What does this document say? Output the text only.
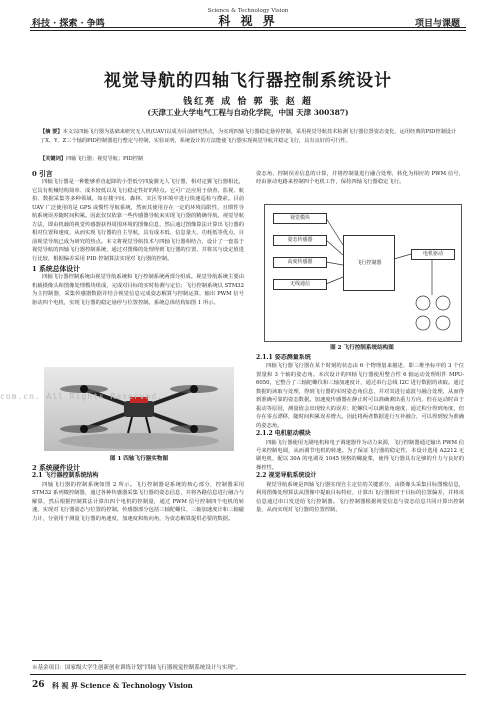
Science & Technology Vision
科技 · 探索 · 争鸣	科 视 界	项目与课题
视觉导航的四轴飞行器控制系统设计
钱红亮 成 恰 郭 张 赵 超
(天津工业大学电气工程与自动化学院，中国 天津 300387)
【摘 要】本文以四轴飞行器为基础来研究无人机(UAV)以成为目前研究热点，为实现四轴飞行器稳定悬停控制，采用视觉导航技术检测飞行器位置姿态变化，运用经典的PID控制设计了X、Y、Z三个轴的PID控制器进行整定与控制，实验证明，系统设计的方法能使飞行器实现视觉导航并稳定飞行，具有良好的可行性。
【关键词】四轴飞行器；视觉导航；PID控制
0 引言
四轴飞行器是一种能够垂直起降的小型低空四旋翼无人飞行器，相对定翼飞行器相比，它具有机械结构简单、成本较低以及飞行稳定性好的特点。它可广泛应用于侦查、监视、航拍、数据采集等多种领域，如在楼宇间、森林、灾区等环境中进行快速巡检与搜索。目前 UAV 广泛使用的是 GPS 或惯性导航系统，然而其使用存在一定的环境局限性，且惯性导航系统误差随时间积累。因此仅仅依靠一些传感器导航来实现飞行器的精确导航，视觉导航方法，即由机载的视觉传感器获得周围环境的图像信息，然后通过图像算法计算出飞行器的相对位置和速度，从而实现飞行器的自主导航，具有成本低、信息量大、功耗低等优点，目前视觉导航已成为研究的热点。本文将视觉导航技术与四轴飞行器相结合，设计了一套基于视觉导航的四轴飞行器控制系统，通过对图像的处理得到飞行器的位置，并将其与设定值进行比较，根据偏差采用 PID 控制算法实现对飞行器的控制。
1 系统总体设计
四轴飞行器控制系统由视觉导航系统和飞行控制系统两部分组成。视觉导航系统主要由机载摄像头和图像处理模块组成，完成对目标的实时检测与定位；飞行控制系统以 STM32 为主控制器，采集传感器数据并结合视觉信息完成姿态解算与控制运算，输出 PWM 信号驱动四个电机，实现飞行器的稳定悬停与位置控制。系统总体结构如图 1 所示。
图 1 四轴飞行器实物图
2 系统硬件设计
2.1 飞行器控制系统结构
四轴飞行器的控制系统如图 2 所示。飞行控制器是系统的核心部分，控制器采用 STM32 系列微控制器，通过各种传感器采集飞行器的姿态信息，并将各路信息进行融合与解算，然后根据控制算法计算出四个电机的控制量，通过 PWM 信号控制四个电机的转速，实现对飞行器姿态与位置的控制。传感器部分包括三轴陀螺仪、三轴加速度计和三轴磁力计，分别用于测量飞行器的角速度、加速度和航向角，为姿态解算提供必要的数据。
姿态角、控制误差信息的计算，并将控制量进行融合处理，转化为相应的 PWM 信号，经由驱动电路来控制四个电机工作，保持四轴飞行器稳定飞行。
视觉模块
姿态传感器
高度传感器
无线通信
飞行控制器
电机驱动
图 2 飞行控制系统结构图
2.1.1 姿态测量系统
四轴飞行器飞行器在某个时刻的状态由 6 个物理量来描述，即三维坐标中的 3 个位置量和 3 个轴的姿态角。本次设计的四轴飞行器使用整合性 6 轴运动处理组件 MPU-6050，它整合了三轴陀螺仪和三轴加速度计，通过串行总线 I2C 进行数据的读取。通过数据的读取与处理，得到飞行器的实时姿态角信息，并对其进行滤波与融合处理，从而得到准确可靠的姿态数据。加速度传感器在静止时可以准确测出重力方向，但在运动时由于振动等原因，测量值会出现较大的误差；陀螺仪可以测量角速度，通过积分得到角度，但存在零点漂移，随时间积累误差增大。因此将两者数据进行互补融合，可以得到较为准确的姿态角。
2.1.2 电机驱动模块
四轴飞行器使用无刷电机和电子调速器作为动力来源，飞行控制器通过输出 PWM 信号来控制电调，从而调节电机的转速。为了保证飞行器的稳定性，本设计选用 A2212 无刷电机，配以 30A 的电调及 1045 规格的螺旋桨，使得飞行器具有足够的升力与良好的操控性。
2.2 视觉导航系统设计
视觉导航系统是四轴飞行器实现自主定位的关键部分，由摄像头采集目标图像信息，利用图像处理算法从图像中提取目标特征，计算出飞行器相对于目标的位置偏差，并将该信息通过串口发送给飞行控制器。飞行控制器根据视觉信息与姿态信息共同计算出控制量，从而实现对飞行器的位置控制。
com.cn. All Rights Reserved.
※基金项目：国家级大学生创新创业训练计划“四轴飞行器视觉控制系统设计与实现”。
26 科 视 界 Science & Technology Vision
